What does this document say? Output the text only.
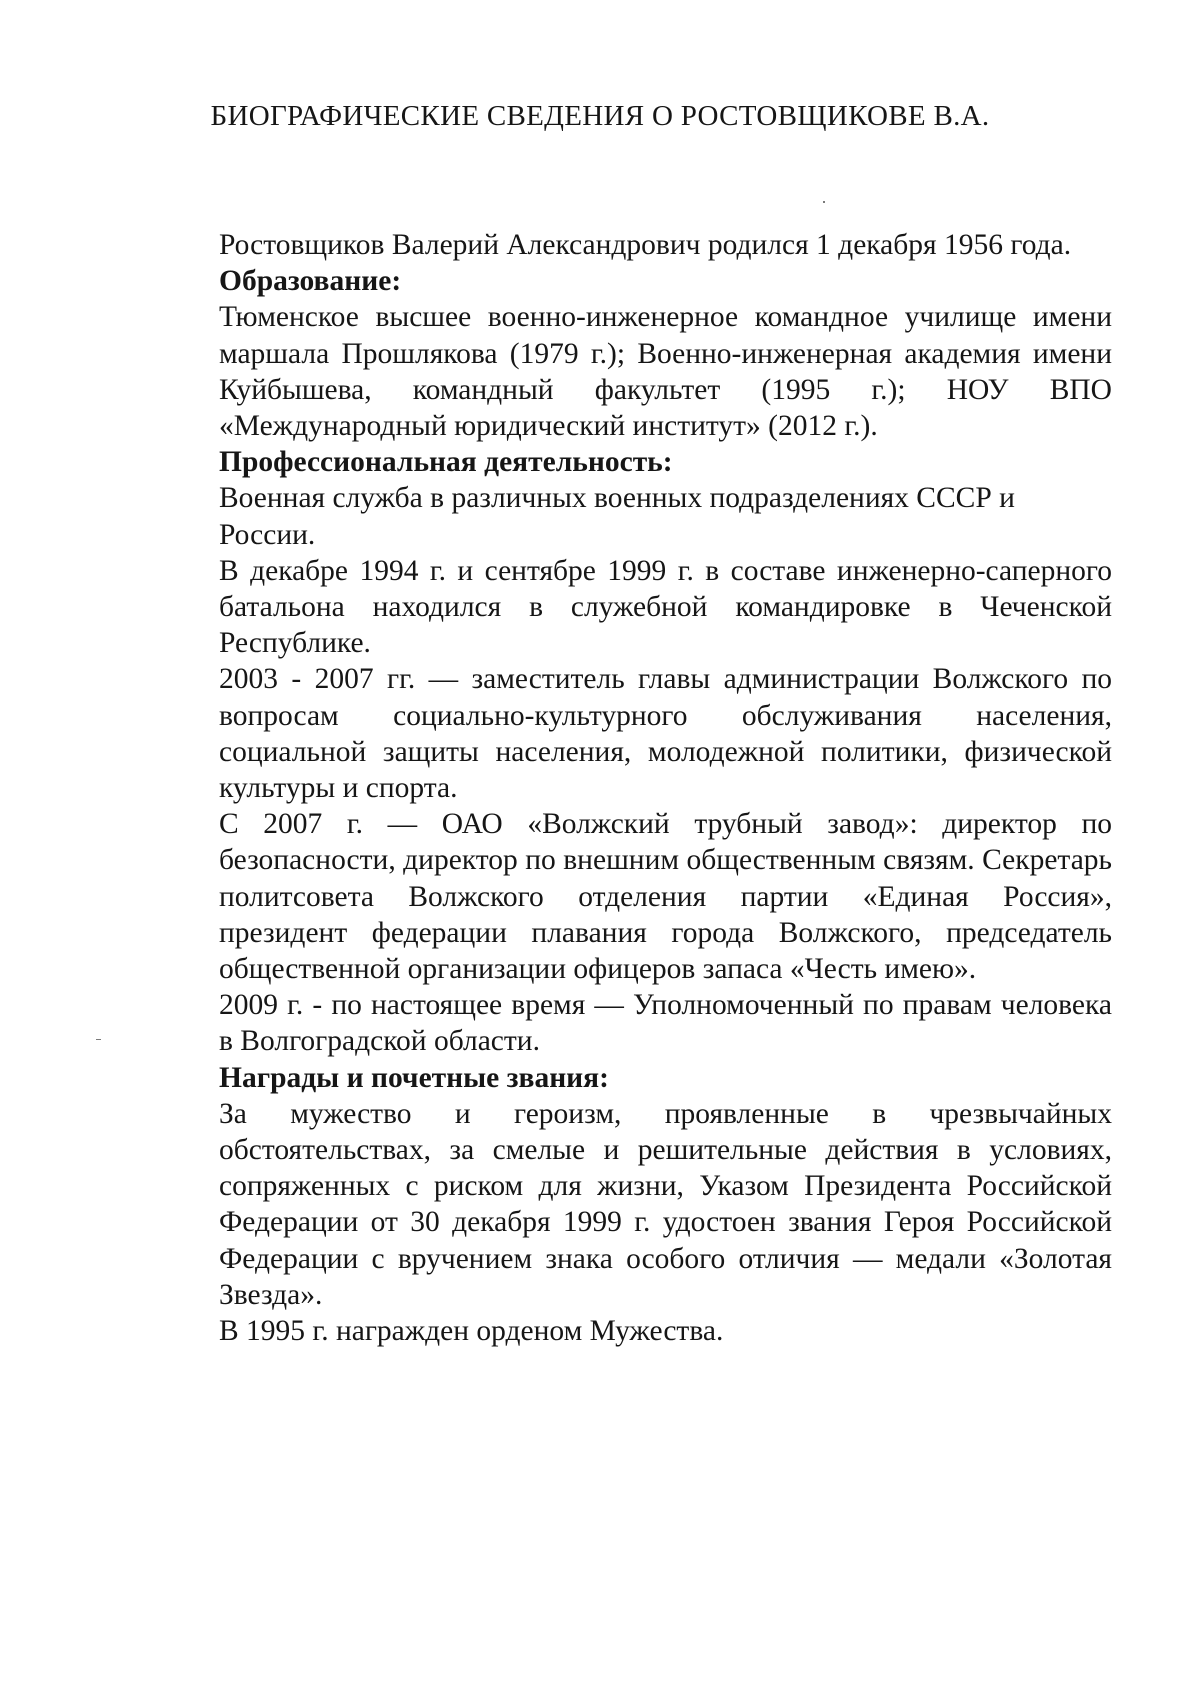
БИОГРАФИЧЕСКИЕ СВЕДЕНИЯ О РОСТОВЩИКОВЕ В.А.

Ростовщиков Валерий Александрович родился 1 декабря 1956 года.

Образование:

Тюменское высшее военно-инженерное командное училище имени маршала Прошлякова (1979 г.); Военно-инженерная академия имени Куйбышева, командный факультет (1995 г.); НОУ ВПО «Международный юридический институт» (2012 г.).

Профессиональная деятельность:

Военная служба в различных военных подразделениях СССР и России.

В декабре 1994 г. и сентябре 1999 г. в составе инженерно-саперного батальона находился в служебной командировке в Чеченской Республике.

2003 - 2007 гг. — заместитель главы администрации Волжского по вопросам социально-культурного обслуживания населения, социальной защиты населения, молодежной политики, физической культуры и спорта.

С 2007 г. — ОАО «Волжский трубный завод»: директор по безопасности, директор по внешним общественным связям. Секретарь политсовета Волжского отделения партии «Единая Россия», президент федерации плавания города Волжского, председатель общественной организации офицеров запаса «Честь имею».

2009 г. - по настоящее время — Уполномоченный по правам человека в Волгоградской области.

Награды и почетные звания:

За мужество и героизм, проявленные в чрезвычайных обстоятельствах, за смелые и решительные действия в условиях, сопряженных с риском для жизни, Указом Президента Российской Федерации от 30 декабря 1999 г. удостоен звания Героя Российской Федерации с вручением знака особого отличия — медали «Золотая Звезда».

В 1995 г. награжден орденом Мужества.
